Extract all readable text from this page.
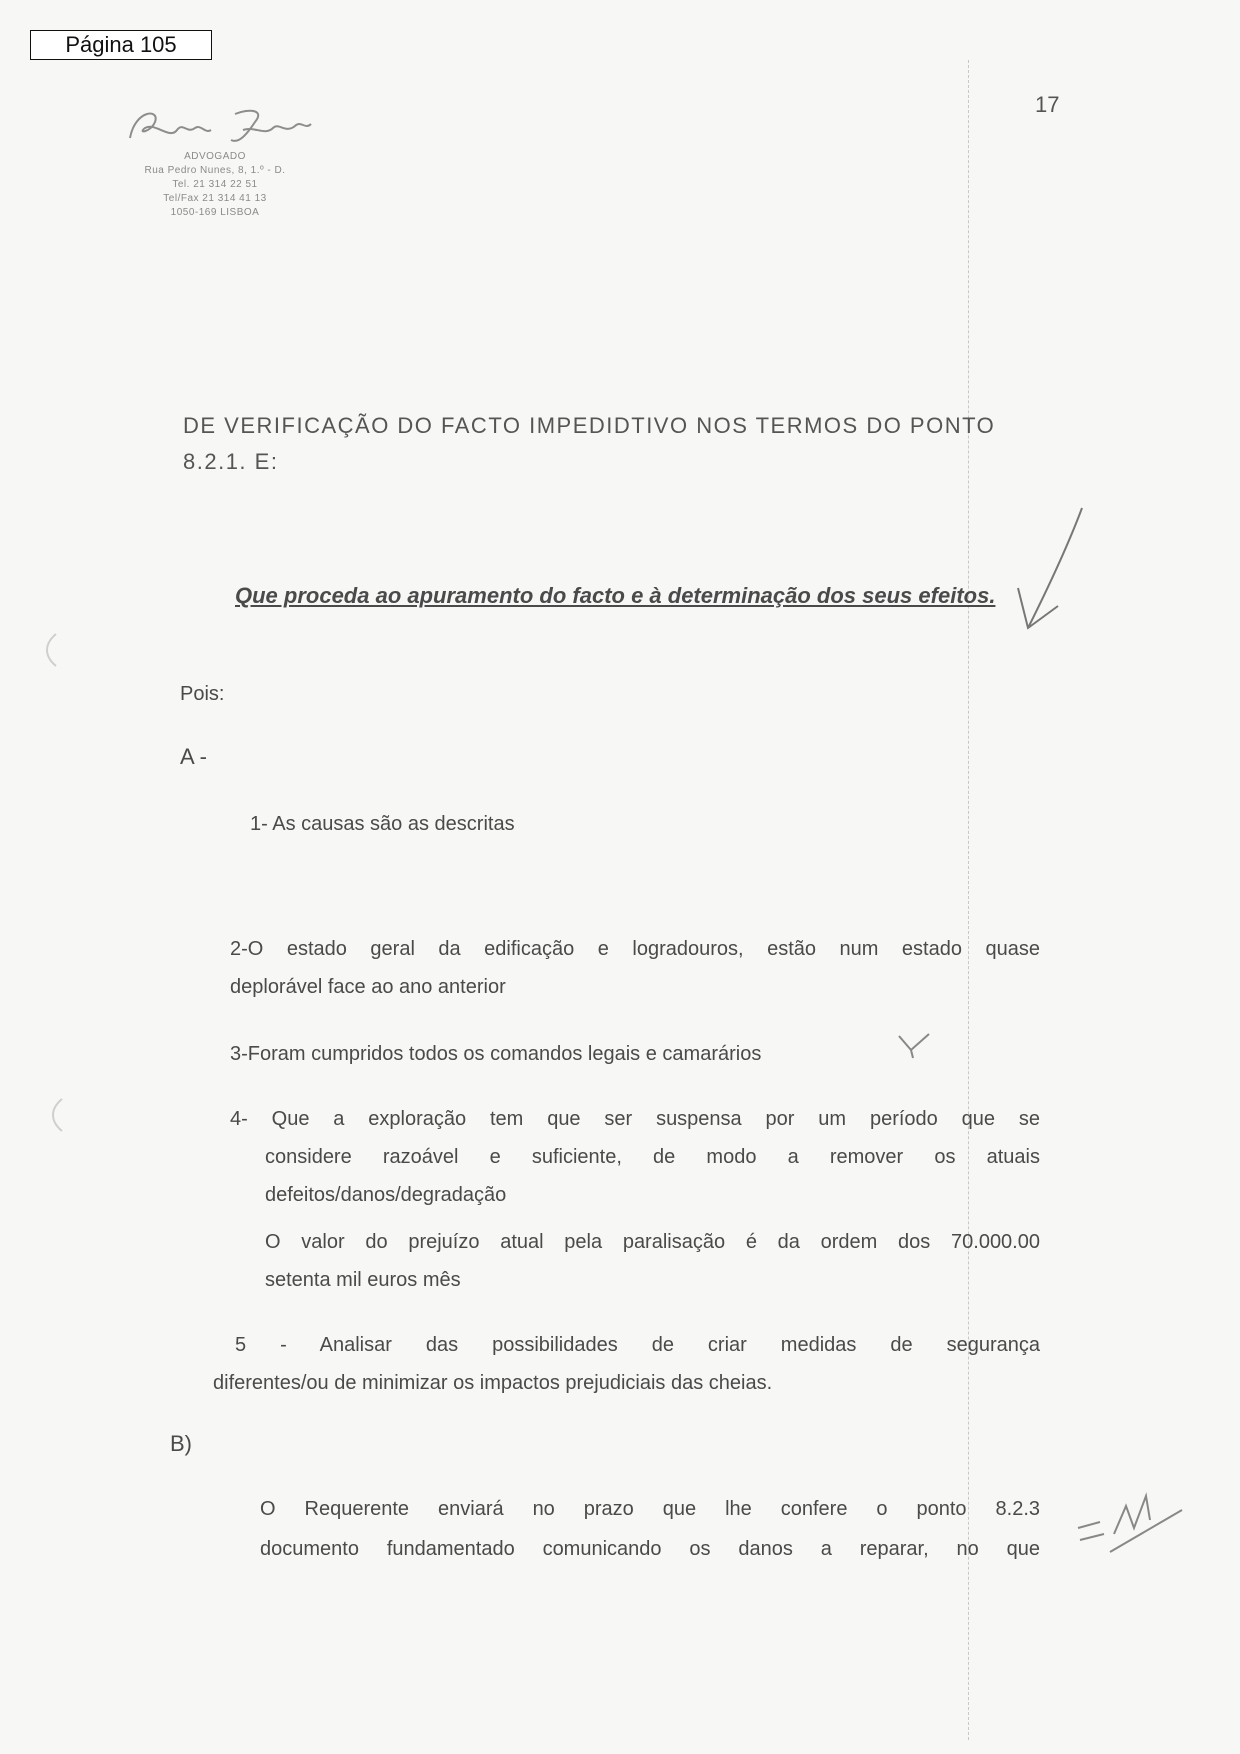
Página 105
17
ADVOGADO
Rua Pedro Nunes, 8, 1.º - D.
Tel. 21 314 22 51
Tel/Fax 21 314 41 13
1050-169 LISBOA
DE VERIFICAÇÃO DO FACTO IMPEDIDTIVO NOS TERMOS DO PONTO 8.2.1. E:
Que proceda ao apuramento do facto e à determinação dos seus efeitos.
Pois:
A -
1- As causas são as descritas
2-O estado geral da edificação e logradouros, estão num estado quase
deplorável face ao ano anterior
3-Foram cumpridos todos os comandos legais e camarários
4- Que a exploração tem que ser suspensa por um período que se
considere razoável e suficiente, de modo a remover os atuais
defeitos/danos/degradação
O valor do prejuízo atual pela paralisação é da ordem dos 70.000.00
setenta mil euros mês
5 - Analisar das possibilidades de criar medidas de segurança
diferentes/ou de minimizar os impactos prejudiciais das cheias.
B)
O Requerente enviará no prazo que lhe confere o ponto 8.2.3
documento fundamentado comunicando os danos a reparar, no que
